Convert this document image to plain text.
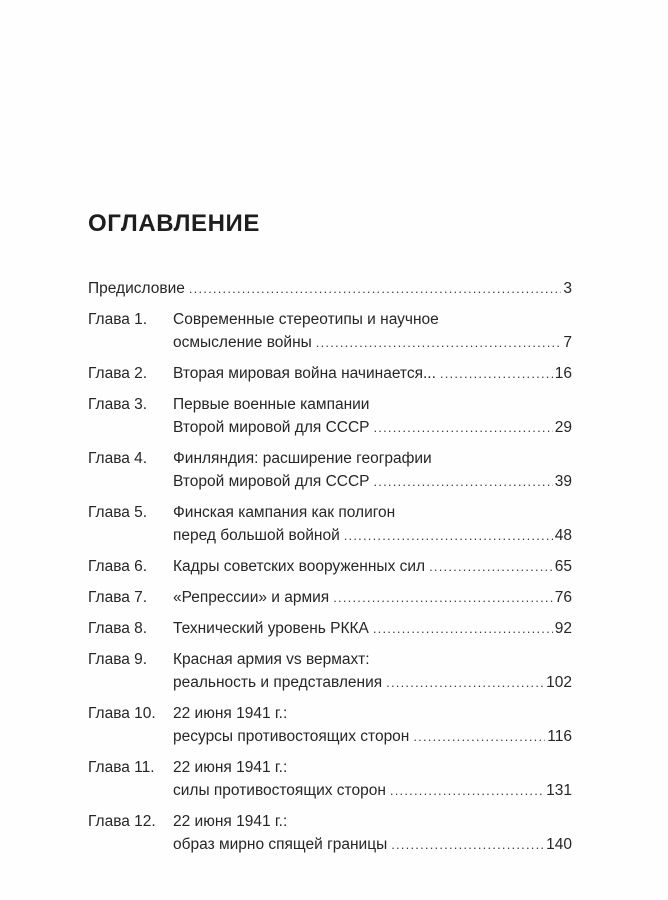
ОГЛАВЛЕНИЕ
Предисловие .....	3
Глава 1.	Современные стереотипы и научное
осмысление войны .....	7
Глава 2.	Вторая мировая война начинается... .....	16
Глава 3.	Первые военные кампании
Второй мировой для СССР .....	29
Глава 4.	Финляндия: расширение географии
Второй мировой для СССР .....	39
Глава 5.	Финская кампания как полигон
перед большой войной .....	48
Глава 6.	Кадры советских вооруженных сил .....	65
Глава 7.	«Репрессии» и армия .....	76
Глава 8.	Технический уровень РККА .....	92
Глава 9.	Красная армия vs вермахт:
реальность и представления .....	102
Глава 10.	22 июня 1941 г.:
ресурсы противостоящих сторон .....	116
Глава 11.	22 июня 1941 г.:
силы противостоящих сторон .....	131
Глава 12.	22 июня 1941 г.:
образ мирно спящей границы .....	140
